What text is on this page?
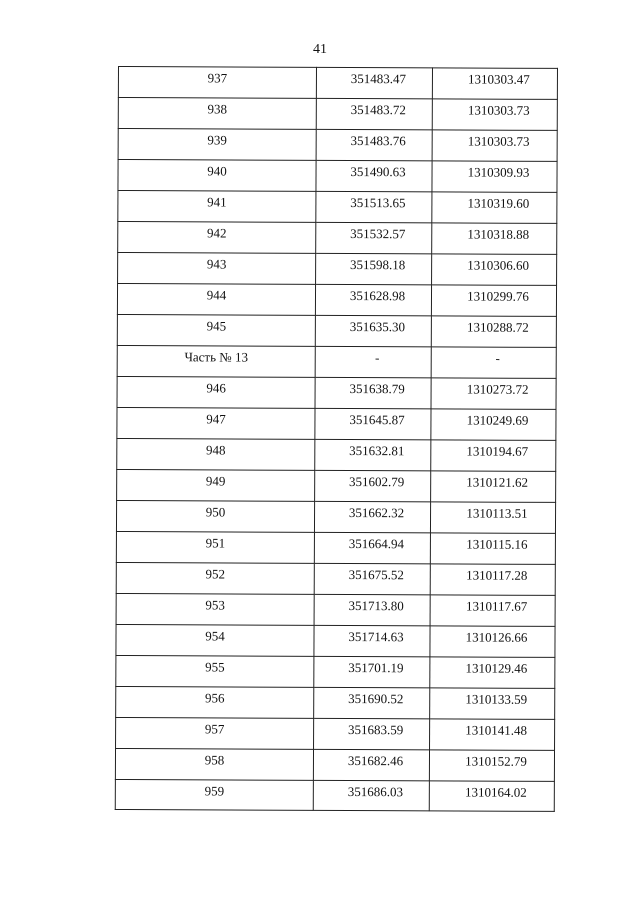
41
937	351483.47	1310303.47
938	351483.72	1310303.73
939	351483.76	1310303.73
940	351490.63	1310309.93
941	351513.65	1310319.60
942	351532.57	1310318.88
943	351598.18	1310306.60
944	351628.98	1310299.76
945	351635.30	1310288.72
Часть № 13	-	-
946	351638.79	1310273.72
947	351645.87	1310249.69
948	351632.81	1310194.67
949	351602.79	1310121.62
950	351662.32	1310113.51
951	351664.94	1310115.16
952	351675.52	1310117.28
953	351713.80	1310117.67
954	351714.63	1310126.66
955	351701.19	1310129.46
956	351690.52	1310133.59
957	351683.59	1310141.48
958	351682.46	1310152.79
959	351686.03	1310164.02
